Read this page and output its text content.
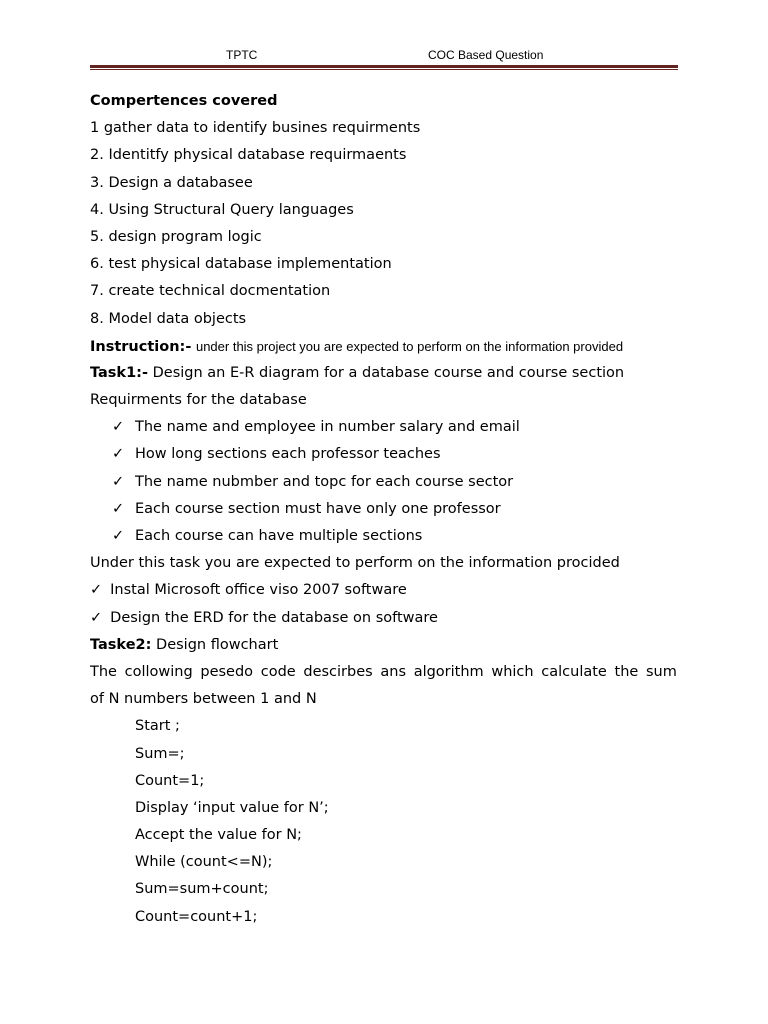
TPTC	COC Based Question
Compertences covered
1 gather data to identify busines requirments
2. Identitfy physical database requirmaents
3. Design a databasee
4. Using Structural Query languages
5. design program logic
6. test physical database implementation
7. create technical docmentation
8. Model data objects
Instruction:- under this project you are expected to perform on the information provided
Task1:- Design an E-R diagram for a database course and course section
Requirments for the database
✓ The name and employee in number salary and email
✓ How long sections each professor teaches
✓ The name nubmber and topc for each course sector
✓ Each course section must have only one professor
✓ Each course can have multiple sections
Under this task you are expected to perform on the information procided
✓ Instal Microsoft office viso 2007 software
✓ Design the ERD for the database on software
Taske2: Design flowchart
The collowing pesedo code descirbes ans algorithm which calculate the sum
of N numbers between 1 and N
Start ;
Sum=;
Count=1;
Display ‘input value for N’;
Accept the value for N;
While (count<=N);
Sum=sum+count;
Count=count+1;
